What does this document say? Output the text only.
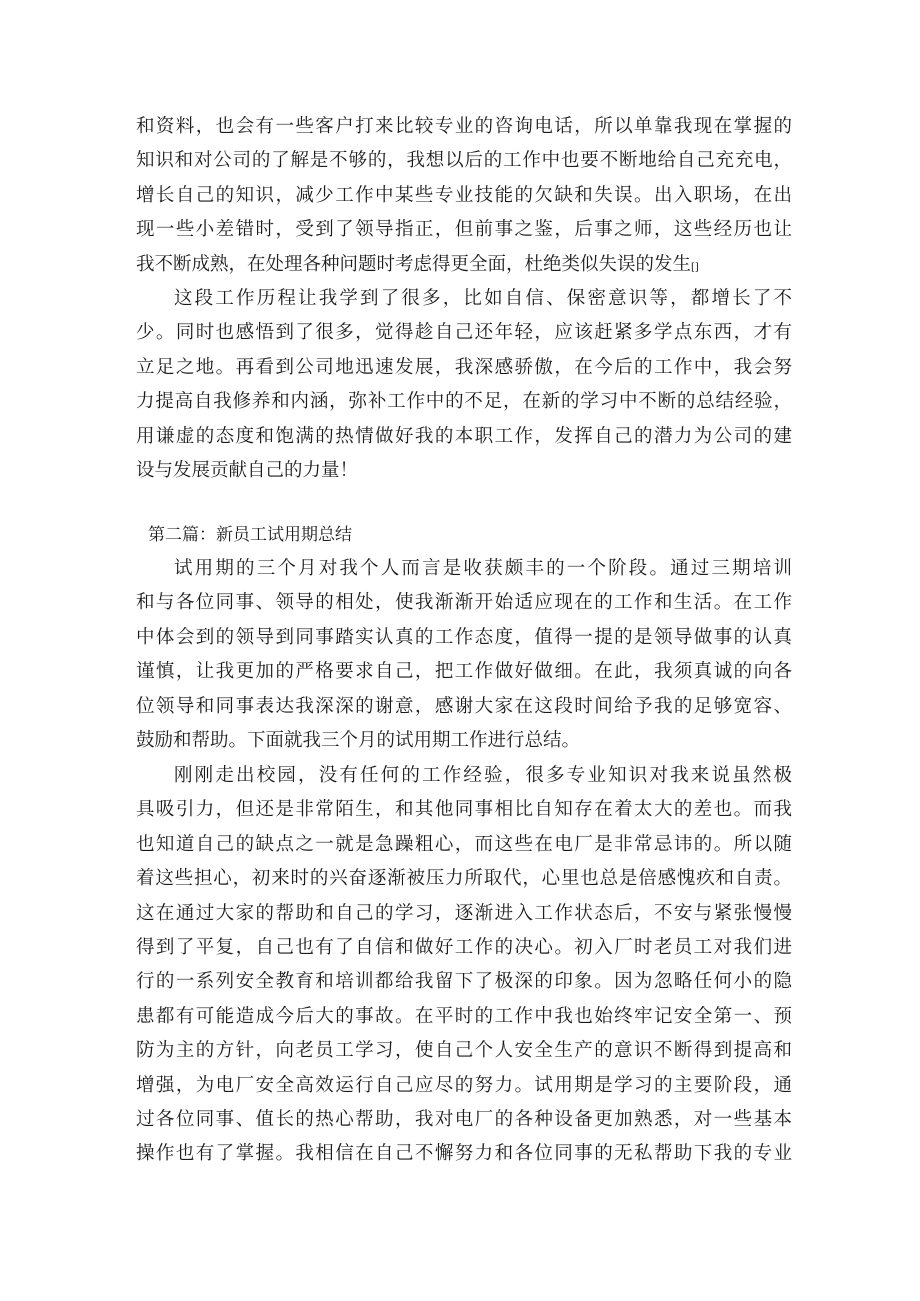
和资料，也会有一些客户打来比较专业的咨询电话，所以单靠我现在掌握的
知识和对公司的了解是不够的，我想以后的工作中也要不断地给自己充充电，
增长自己的知识，减少工作中某些专业技能的欠缺和失误。出入职场，在出
现一些小差错时，受到了领导指正，但前事之鉴，后事之师，这些经历也让
我不断成熟，在处理各种问题时考虑得更全面，杜绝类似失误的发生[]
这段工作历程让我学到了很多，比如自信、保密意识等，都增长了不
少。同时也感悟到了很多，觉得趁自己还年轻，应该赶紧多学点东西，才有
立足之地。再看到公司地迅速发展，我深感骄傲，在今后的工作中，我会努
力提高自我修养和内涵，弥补工作中的不足，在新的学习中不断的总结经验，
用谦虚的态度和饱满的热情做好我的本职工作，发挥自己的潜力为公司的建
设与发展贡献自己的力量！
第二篇：新员工试用期总结
试用期的三个月对我个人而言是收获颇丰的一个阶段。通过三期培训
和与各位同事、领导的相处，使我渐渐开始适应现在的工作和生活。在工作
中体会到的领导到同事踏实认真的工作态度，值得一提的是领导做事的认真
谨慎，让我更加的严格要求自己，把工作做好做细。在此，我须真诚的向各
位领导和同事表达我深深的谢意，感谢大家在这段时间给予我的足够宽容、
鼓励和帮助。下面就我三个月的试用期工作进行总结。
刚刚走出校园，没有任何的工作经验，很多专业知识对我来说虽然极
具吸引力，但还是非常陌生，和其他同事相比自知存在着太大的差也。而我
也知道自己的缺点之一就是急躁粗心，而这些在电厂是非常忌讳的。所以随
着这些担心，初来时的兴奋逐渐被压力所取代，心里也总是倍感愧疚和自责。
这在通过大家的帮助和自己的学习，逐渐进入工作状态后，不安与紧张慢慢
得到了平复，自己也有了自信和做好工作的决心。初入厂时老员工对我们进
行的一系列安全教育和培训都给我留下了极深的印象。因为忽略任何小的隐
患都有可能造成今后大的事故。在平时的工作中我也始终牢记安全第一、预
防为主的方针，向老员工学习，使自己个人安全生产的意识不断得到提高和
增强，为电厂安全高效运行自己应尽的努力。试用期是学习的主要阶段，通
过各位同事、值长的热心帮助，我对电厂的各种设备更加熟悉，对一些基本
操作也有了掌握。我相信在自己不懈努力和各位同事的无私帮助下我的专业
